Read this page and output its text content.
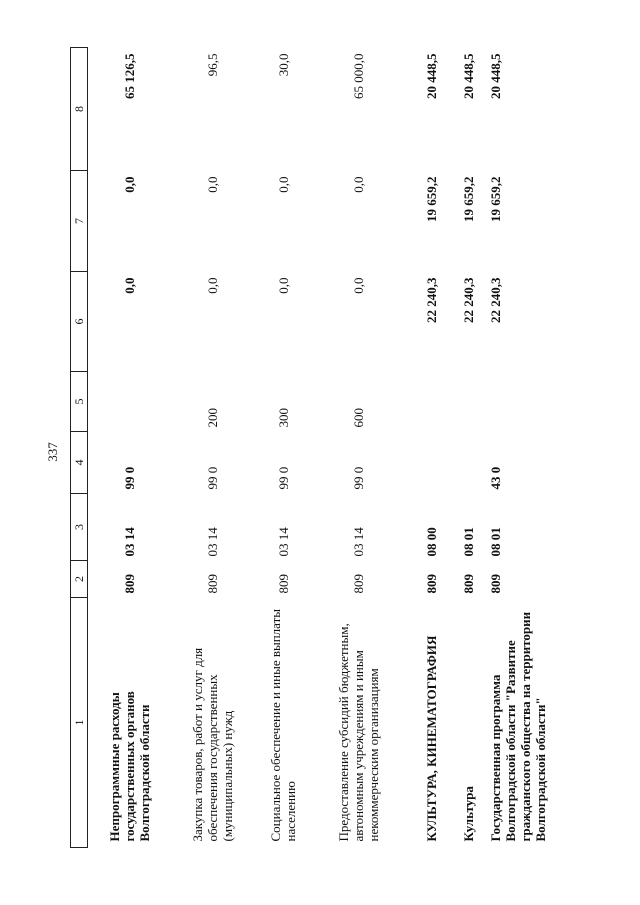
337
1	2	3	4	5	6	7	8

Непрограммные расходы государственных органов Волгоградской области	809	03 14	99 0		0,0	0,0	65 126,5

Закупка товаров, работ и услуг для обеспечения государственных (муниципальных) нужд	809	03 14	99 0	200	0,0	0,0	96,5

Социальное обеспечение и иные выплаты населению	809	03 14	99 0	300	0,0	0,0	30,0

Предоставление субсидий бюджетным, автономным учреждениям и иным некоммерческим организациям	809	03 14	99 0	600	0,0	0,0	65 000,0

КУЛЬТУРА, КИНЕМАТОГРАФИЯ	809	08 00			22 240,3	19 659,2	20 448,5

Культура	809	08 01			22 240,3	19 659,2	20 448,5

Государственная программа Волгоградской области "Развитие гражданского общества на территории Волгоградской области"	809	08 01	43 0		22 240,3	19 659,2	20 448,5
